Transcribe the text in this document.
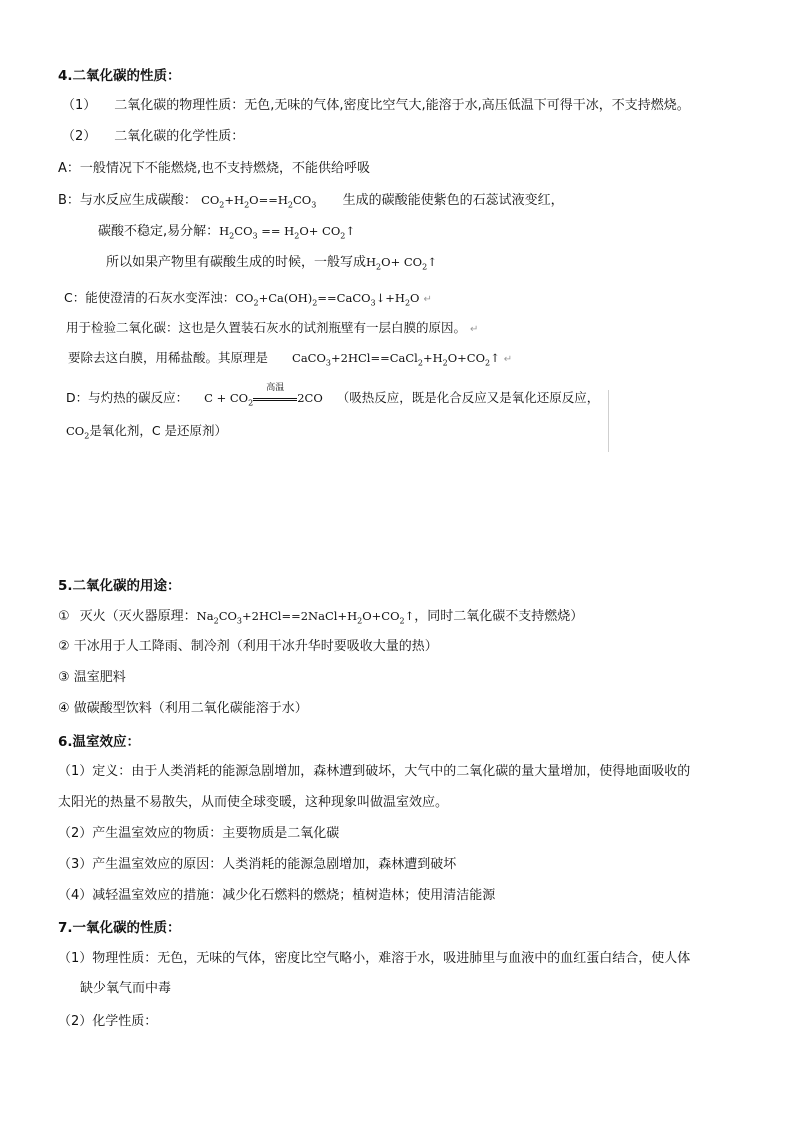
4.二氧化碳的性质：
（1） 二氧化碳的物理性质：无色,无味的气体,密度比空气大,能溶于水,高压低温下可得干冰，不支持燃烧。
（2） 二氧化碳的化学性质：
A：一般情况下不能燃烧,也不支持燃烧，不能供给呼吸
B：与水反应生成碳酸： $CO_2+H_2O==H_2CO_3$ 生成的碳酸能使紫色的石蕊试液变红，
碳酸不稳定,易分解：$H_2CO_3 == H_2O+$ $CO_2↑$
所以如果产物里有碳酸生成的时候，一般写成$H_2O+$ $CO_2↑$
C：能使澄清的石灰水变浑浊：$CO_2+Ca(OH)_2==CaCO_3↓+H_2O$ ↵
用于检验二氧化碳：这也是久置装石灰水的试剂瓶壁有一层白膜的原因。 ↵
要除去这白膜，用稀盐酸。其原理是 $CaCO_3+2HCl==CaCl_2+H_2O+CO_2↑$ ↵
D：与灼热的碳反应： $C + CO_2$
高温
2CO （吸热反应，既是化合反应又是氧化还原反应，
$CO_2$是氧化剂，C 是还原剂）
5.二氧化碳的用途：
① 灭火（灭火器原理：$Na_2CO_3+2HCl==2NaCl+H_2O+CO_2↑$，同时二氧化碳不支持燃烧）
② 干冰用于人工降雨、制冷剂（利用干冰升华时要吸收大量的热）
③ 温室肥料
④ 做碳酸型饮料（利用二氧化碳能溶于水）
6.温室效应：
（1）定义：由于人类消耗的能源急剧增加，森林遭到破坏，大气中的二氧化碳的量大量增加，使得地面吸收的
太阳光的热量不易散失，从而使全球变暖，这种现象叫做温室效应。
（2）产生温室效应的物质：主要物质是二氧化碳
（3）产生温室效应的原因：人类消耗的能源急剧增加，森林遭到破坏
（4）减轻温室效应的措施：减少化石燃料的燃烧；植树造林；使用清洁能源
7.一氧化碳的性质：
（1）物理性质：无色，无味的气体，密度比空气略小，难溶于水，吸进肺里与血液中的血红蛋白结合，使人体
缺少氧气而中毒
（2）化学性质：
